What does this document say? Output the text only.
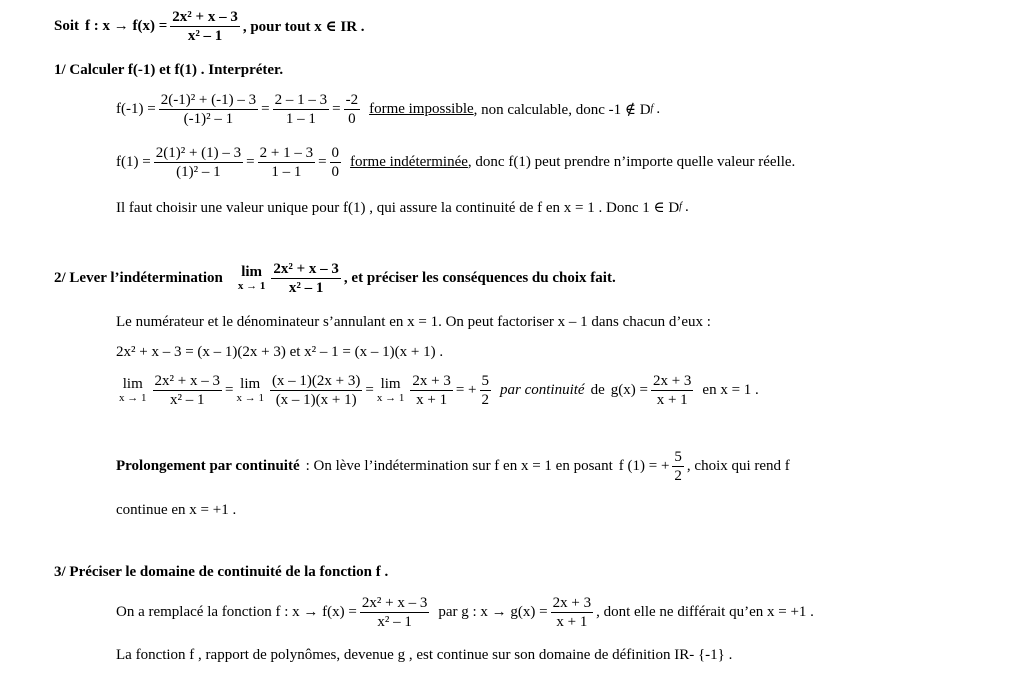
Soit f : $x \to f(x) = \frac{\text{2x² + x – 3}}{\text{x² – 1}}$ , pour tout x ∈ IR .
1/ Calculer f(-1) et f(1) . Interpréter.
$f(-1) = \frac{\text{2(-1)² + (-1) – 3}}{\text{(-1)² – 1}} = \frac{2 - 1 - 3}{1 - 1} = \frac{-2}{0}$ forme impossible , non calculable, donc -1 ∉ D f .
$f(1) = \frac{\text{2(1)² + (1) – 3}}{\text{(1)² – 1}} = \frac{2 + 1 - 3}{1 - 1} = \frac{0}{0}$ forme indéterminée , donc f(1) peut prendre n’importe quelle valeur réelle.
Il faut choisir une valeur unique pour f(1) , qui assure la continuité de f en x = 1 . Donc 1 ∈ D f .
2/ Lever l’indétermination lim
$x \to 1 \frac{\text{2x² + x – 3}}{\text{x² – 1}}$ , et préciser les conséquences du choix fait.
Le numérateur et le dénominateur s’annulant en x = 1. On peut factoriser x – 1 dans chacun d’eux :
2x² + x – 3 = (x – 1)(2x + 3) et x² – 1 = (x – 1)(x + 1) .
lim
$x \to 1 \frac{\text{2x² + x – 3}}{\text{x² – 1}} = \lim$
$x \to 1 \frac{(x - 1)(2x + 3)}{(x - 1)(x + 1)} = \lim$
$x \to 1 \frac{2x + 3}{x + 1}$ = + $\frac{5}{2}$ par continuité de $g(x) = \frac{2x + 3}{x + 1}$ en x = 1 .
Prolongement par continuité : On lève l’indétermination sur f en x = 1 en posant f (1) = + $\frac{5}{2}$ , choix qui rend f
continue en x = +1 .
3/ Préciser le domaine de continuité de la fonction f .
On a remplacé la fonction f : $x \to f(x) = \frac{\text{2x² + x – 3}}{\text{x² – 1}}$ par g : $x \to g(x) = \frac{2x + 3}{x + 1}$ , dont elle ne différait qu’en x = +1 .
La fonction f , rapport de polynômes, devenue g , est continue sur son domaine de définition IR- {-1} .
